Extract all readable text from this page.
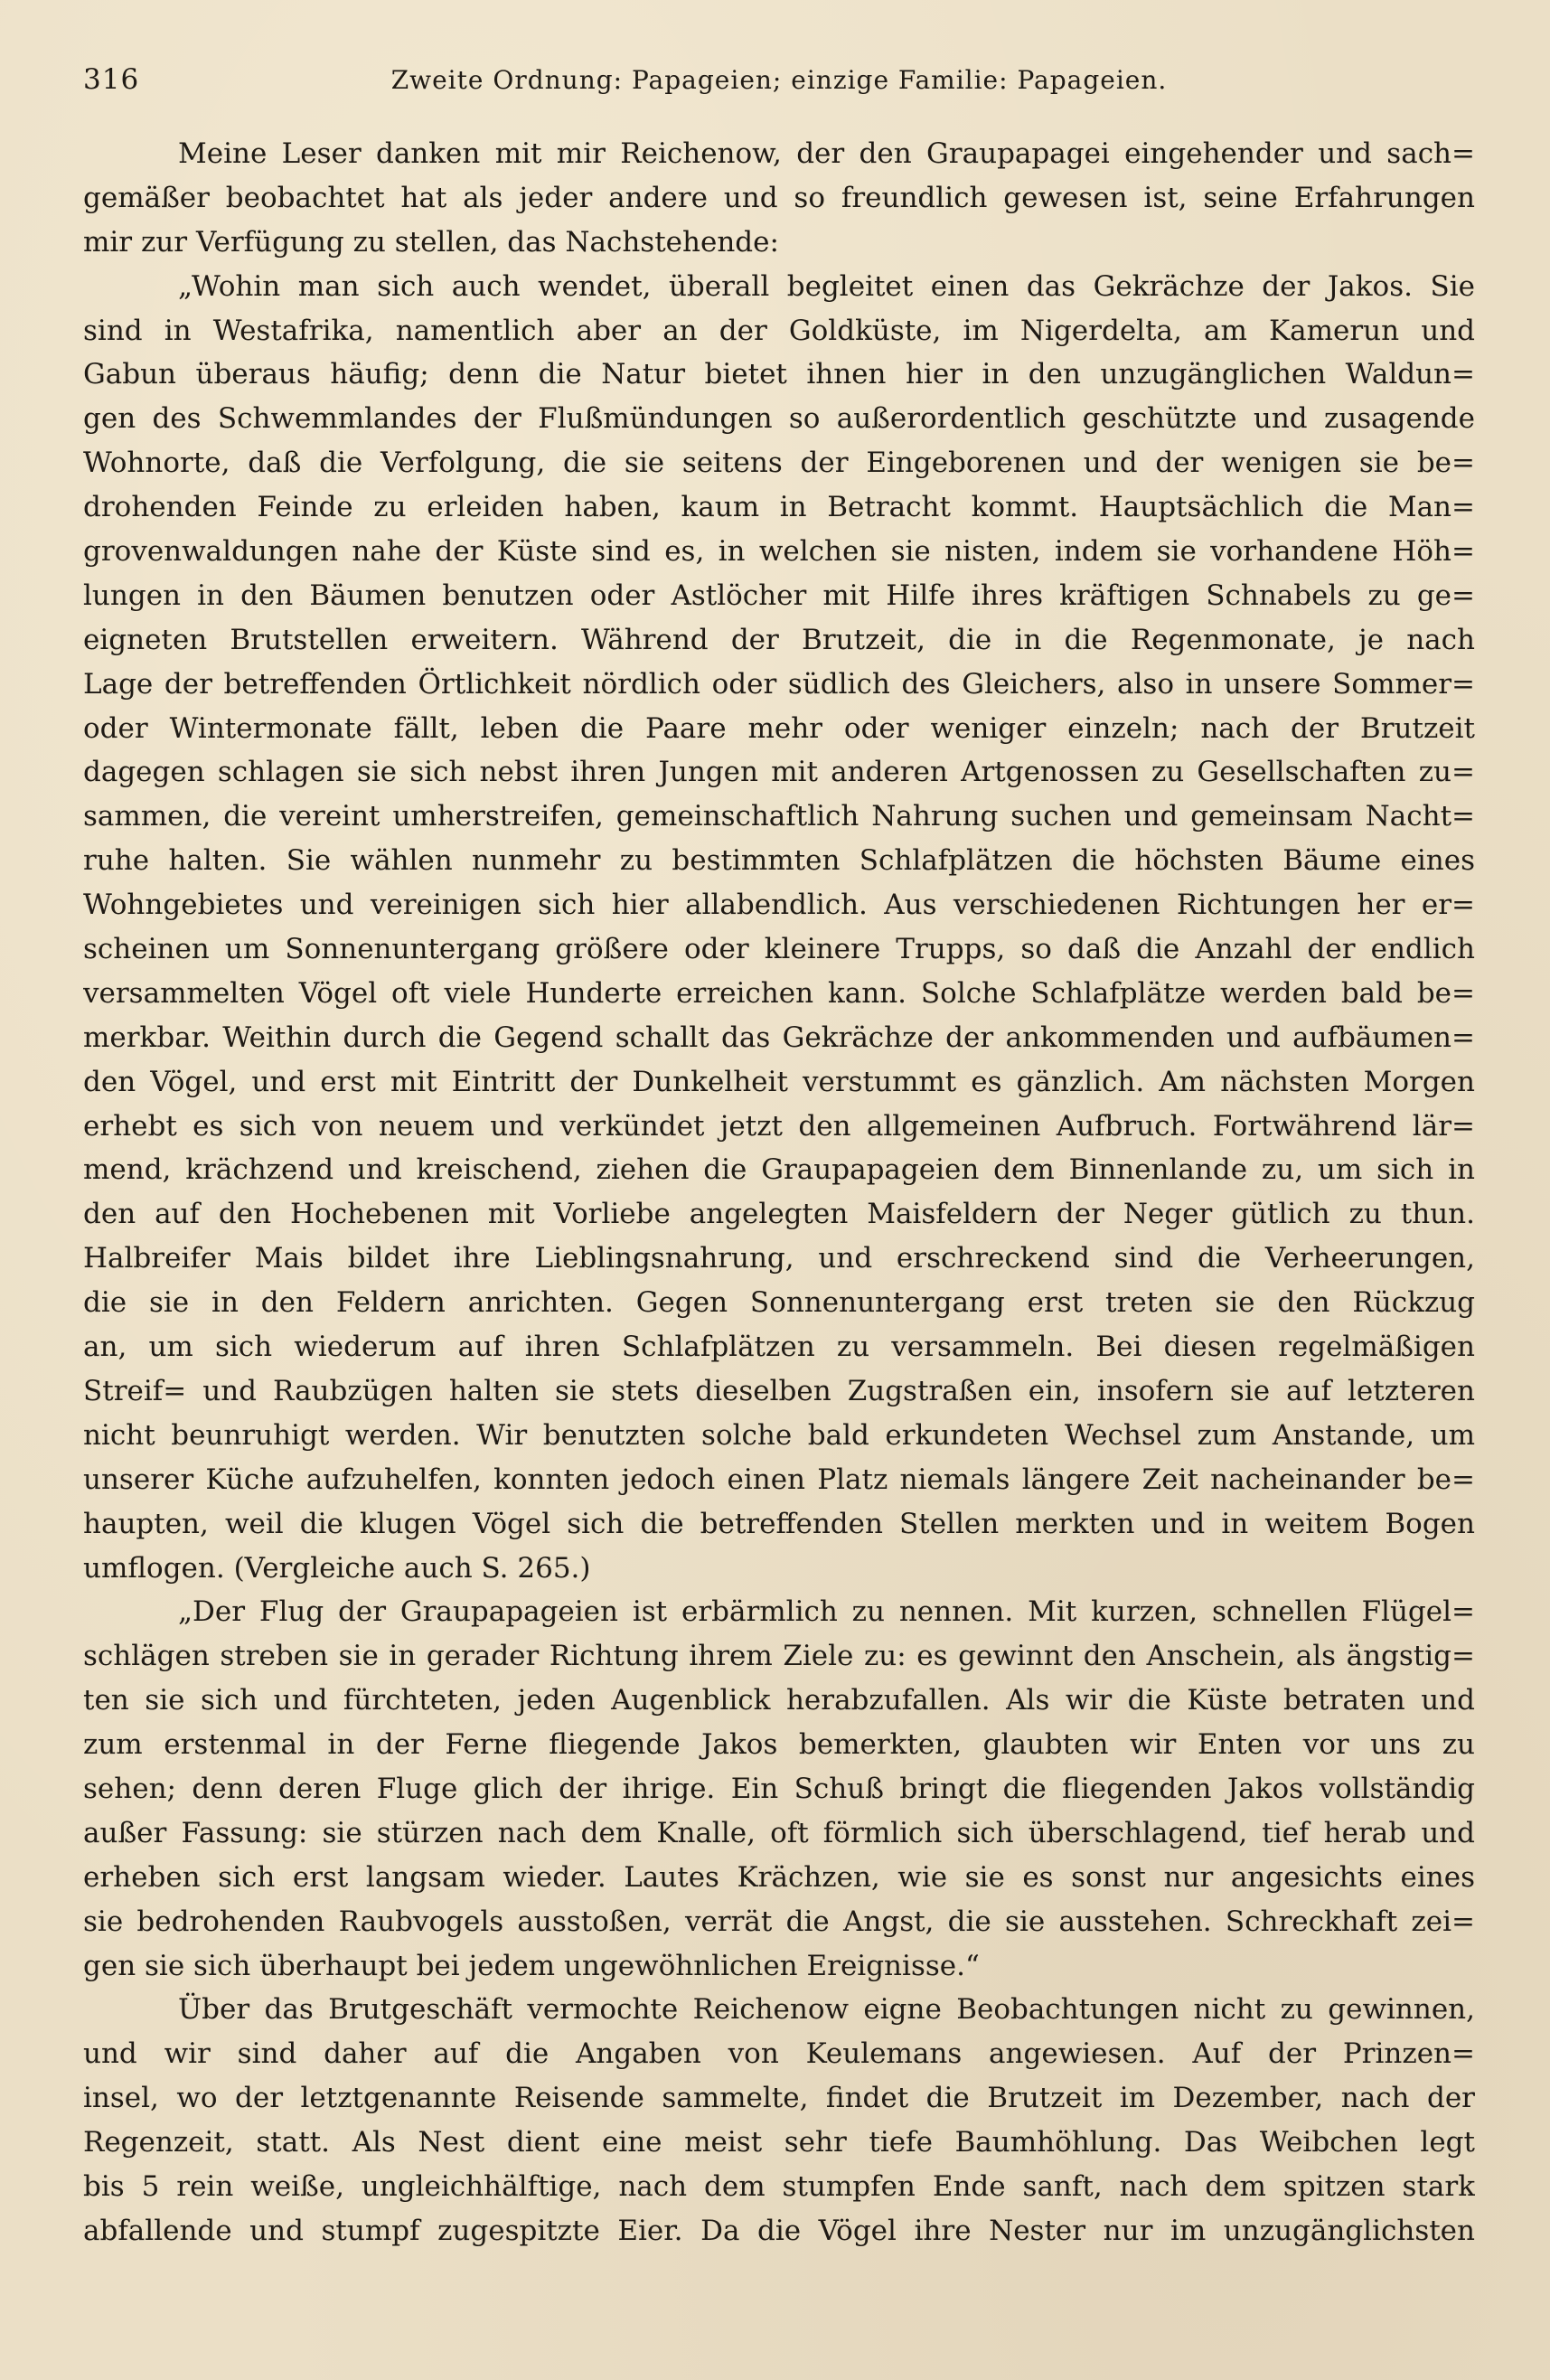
316	Zweite Ordnung: Papageien; einzige Familie: Papageien.
Meine Leser danken mit mir Reichenow, der den Graupapagei eingehender und sach=
gemäßer beobachtet hat als jeder andere und so freundlich gewesen ist, seine Erfahrungen
mir zur Verfügung zu stellen, das Nachstehende:
„Wohin man sich auch wendet, überall begleitet einen das Gekrächze der Jakos. Sie
sind in Westafrika, namentlich aber an der Goldküste, im Nigerdelta, am Kamerun und
Gabun überaus häufig; denn die Natur bietet ihnen hier in den unzugänglichen Waldun=
gen des Schwemmlandes der Flußmündungen so außerordentlich geschützte und zusagende
Wohnorte, daß die Verfolgung, die sie seitens der Eingeborenen und der wenigen sie be=
drohenden Feinde zu erleiden haben, kaum in Betracht kommt. Hauptsächlich die Man=
grovenwaldungen nahe der Küste sind es, in welchen sie nisten, indem sie vorhandene Höh=
lungen in den Bäumen benutzen oder Astlöcher mit Hilfe ihres kräftigen Schnabels zu ge=
eigneten Brutstellen erweitern. Während der Brutzeit, die in die Regenmonate, je nach
Lage der betreffenden Örtlichkeit nördlich oder südlich des Gleichers, also in unsere Sommer=
oder Wintermonate fällt, leben die Paare mehr oder weniger einzeln; nach der Brutzeit
dagegen schlagen sie sich nebst ihren Jungen mit anderen Artgenossen zu Gesellschaften zu=
sammen, die vereint umherstreifen, gemeinschaftlich Nahrung suchen und gemeinsam Nacht=
ruhe halten. Sie wählen nunmehr zu bestimmten Schlafplätzen die höchsten Bäume eines
Wohngebietes und vereinigen sich hier allabendlich. Aus verschiedenen Richtungen her er=
scheinen um Sonnenuntergang größere oder kleinere Trupps, so daß die Anzahl der endlich
versammelten Vögel oft viele Hunderte erreichen kann. Solche Schlafplätze werden bald be=
merkbar. Weithin durch die Gegend schallt das Gekrächze der ankommenden und aufbäumen=
den Vögel, und erst mit Eintritt der Dunkelheit verstummt es gänzlich. Am nächsten Morgen
erhebt es sich von neuem und verkündet jetzt den allgemeinen Aufbruch. Fortwährend lär=
mend, krächzend und kreischend, ziehen die Graupapageien dem Binnenlande zu, um sich in
den auf den Hochebenen mit Vorliebe angelegten Maisfeldern der Neger gütlich zu thun.
Halbreifer Mais bildet ihre Lieblingsnahrung, und erschreckend sind die Verheerungen,
die sie in den Feldern anrichten. Gegen Sonnenuntergang erst treten sie den Rückzug
an, um sich wiederum auf ihren Schlafplätzen zu versammeln. Bei diesen regelmäßigen
Streif= und Raubzügen halten sie stets dieselben Zugstraßen ein, insofern sie auf letzteren
nicht beunruhigt werden. Wir benutzten solche bald erkundeten Wechsel zum Anstande, um
unserer Küche aufzuhelfen, konnten jedoch einen Platz niemals längere Zeit nacheinander be=
haupten, weil die klugen Vögel sich die betreffenden Stellen merkten und in weitem Bogen
umflogen. (Vergleiche auch S. 265.)
„Der Flug der Graupapageien ist erbärmlich zu nennen. Mit kurzen, schnellen Flügel=
schlägen streben sie in gerader Richtung ihrem Ziele zu: es gewinnt den Anschein, als ängstig=
ten sie sich und fürchteten, jeden Augenblick herabzufallen. Als wir die Küste betraten und
zum erstenmal in der Ferne fliegende Jakos bemerkten, glaubten wir Enten vor uns zu
sehen; denn deren Fluge glich der ihrige. Ein Schuß bringt die fliegenden Jakos vollständig
außer Fassung: sie stürzen nach dem Knalle, oft förmlich sich überschlagend, tief herab und
erheben sich erst langsam wieder. Lautes Krächzen, wie sie es sonst nur angesichts eines
sie bedrohenden Raubvogels ausstoßen, verrät die Angst, die sie ausstehen. Schreckhaft zei=
gen sie sich überhaupt bei jedem ungewöhnlichen Ereignisse.“
Über das Brutgeschäft vermochte Reichenow eigne Beobachtungen nicht zu gewinnen,
und wir sind daher auf die Angaben von Keulemans angewiesen. Auf der Prinzen=
insel, wo der letztgenannte Reisende sammelte, findet die Brutzeit im Dezember, nach der
Regenzeit, statt. Als Nest dient eine meist sehr tiefe Baumhöhlung. Das Weibchen legt
bis 5 rein weiße, ungleichhälftige, nach dem stumpfen Ende sanft, nach dem spitzen stark
abfallende und stumpf zugespitzte Eier. Da die Vögel ihre Nester nur im unzugänglichsten
